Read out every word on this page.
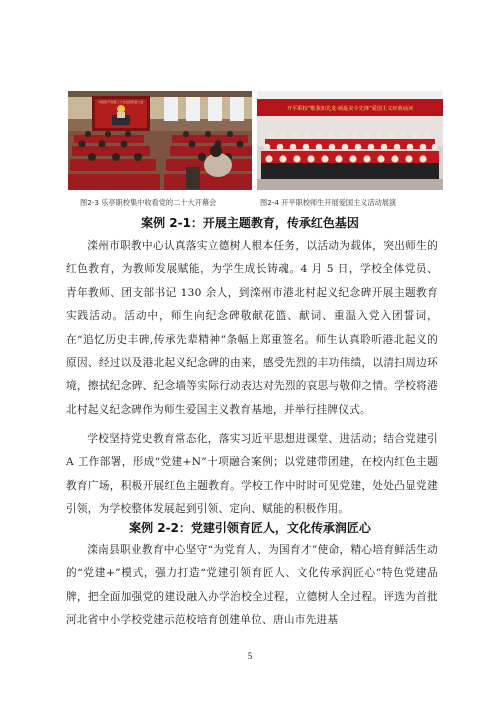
中国共产党第二十次全国代表大会
开平职校“歌我知先龙·颂最美少先锋”爱国主义经典诵读
图2-3 乐亭职校集中收看党的二十大开幕会	图2-4 开平职校师生开展爱国主义活动展演
案例 2-1：开展主题教育，传承红色基因

滦州市职教中心认真落实立德树人根本任务，以活动为载体，突出师生的红色教育，为教师发展赋能，为学生成长铸魂。4 月 5 日，学校全体党员、青年教师、团支部书记 130 余人，到滦州市港北村起义纪念碑开展主题教育实践活动。活动中，师生向纪念碑敬献花篮、献词、重温入党入团誓词，在“追忆历史丰碑,传承先辈精神”条幅上郑重签名。师生认真聆听港北起义的原因、经过以及港北起义纪念碑的由来，感受先烈的丰功伟绩，以清扫周边环境，擦拭纪念碑、纪念墙等实际行动表达对先烈的哀思与敬仰之情。学校将港北村起义纪念碑作为师生爱国主义教育基地，并举行挂牌仪式。

学校坚持党史教育常态化，落实习近平思想进课堂、进活动；结合党建引 A 工作部署，形成“党建+N”十项融合案例；以党建带团建，在校内红色主题教育广场，积极开展红色主题教育。学校工作中时时可见党建，处处凸显党建引领，为学校整体发展起到引领、定向、赋能的积极作用。

案例 2-2：党建引领育匠人，文化传承润匠心

滦南县职业教育中心坚守“为党育人、为国育才”使命，精心培育鲜活生动的“党建+”模式，强力打造“党建引领育匠人、文化传承润匠心”特色党建品牌，把全面加强党的建设融入办学治校全过程，立德树人全过程。评选为首批河北省中小学校党建示范校培育创建单位、唐山市先进基

5
